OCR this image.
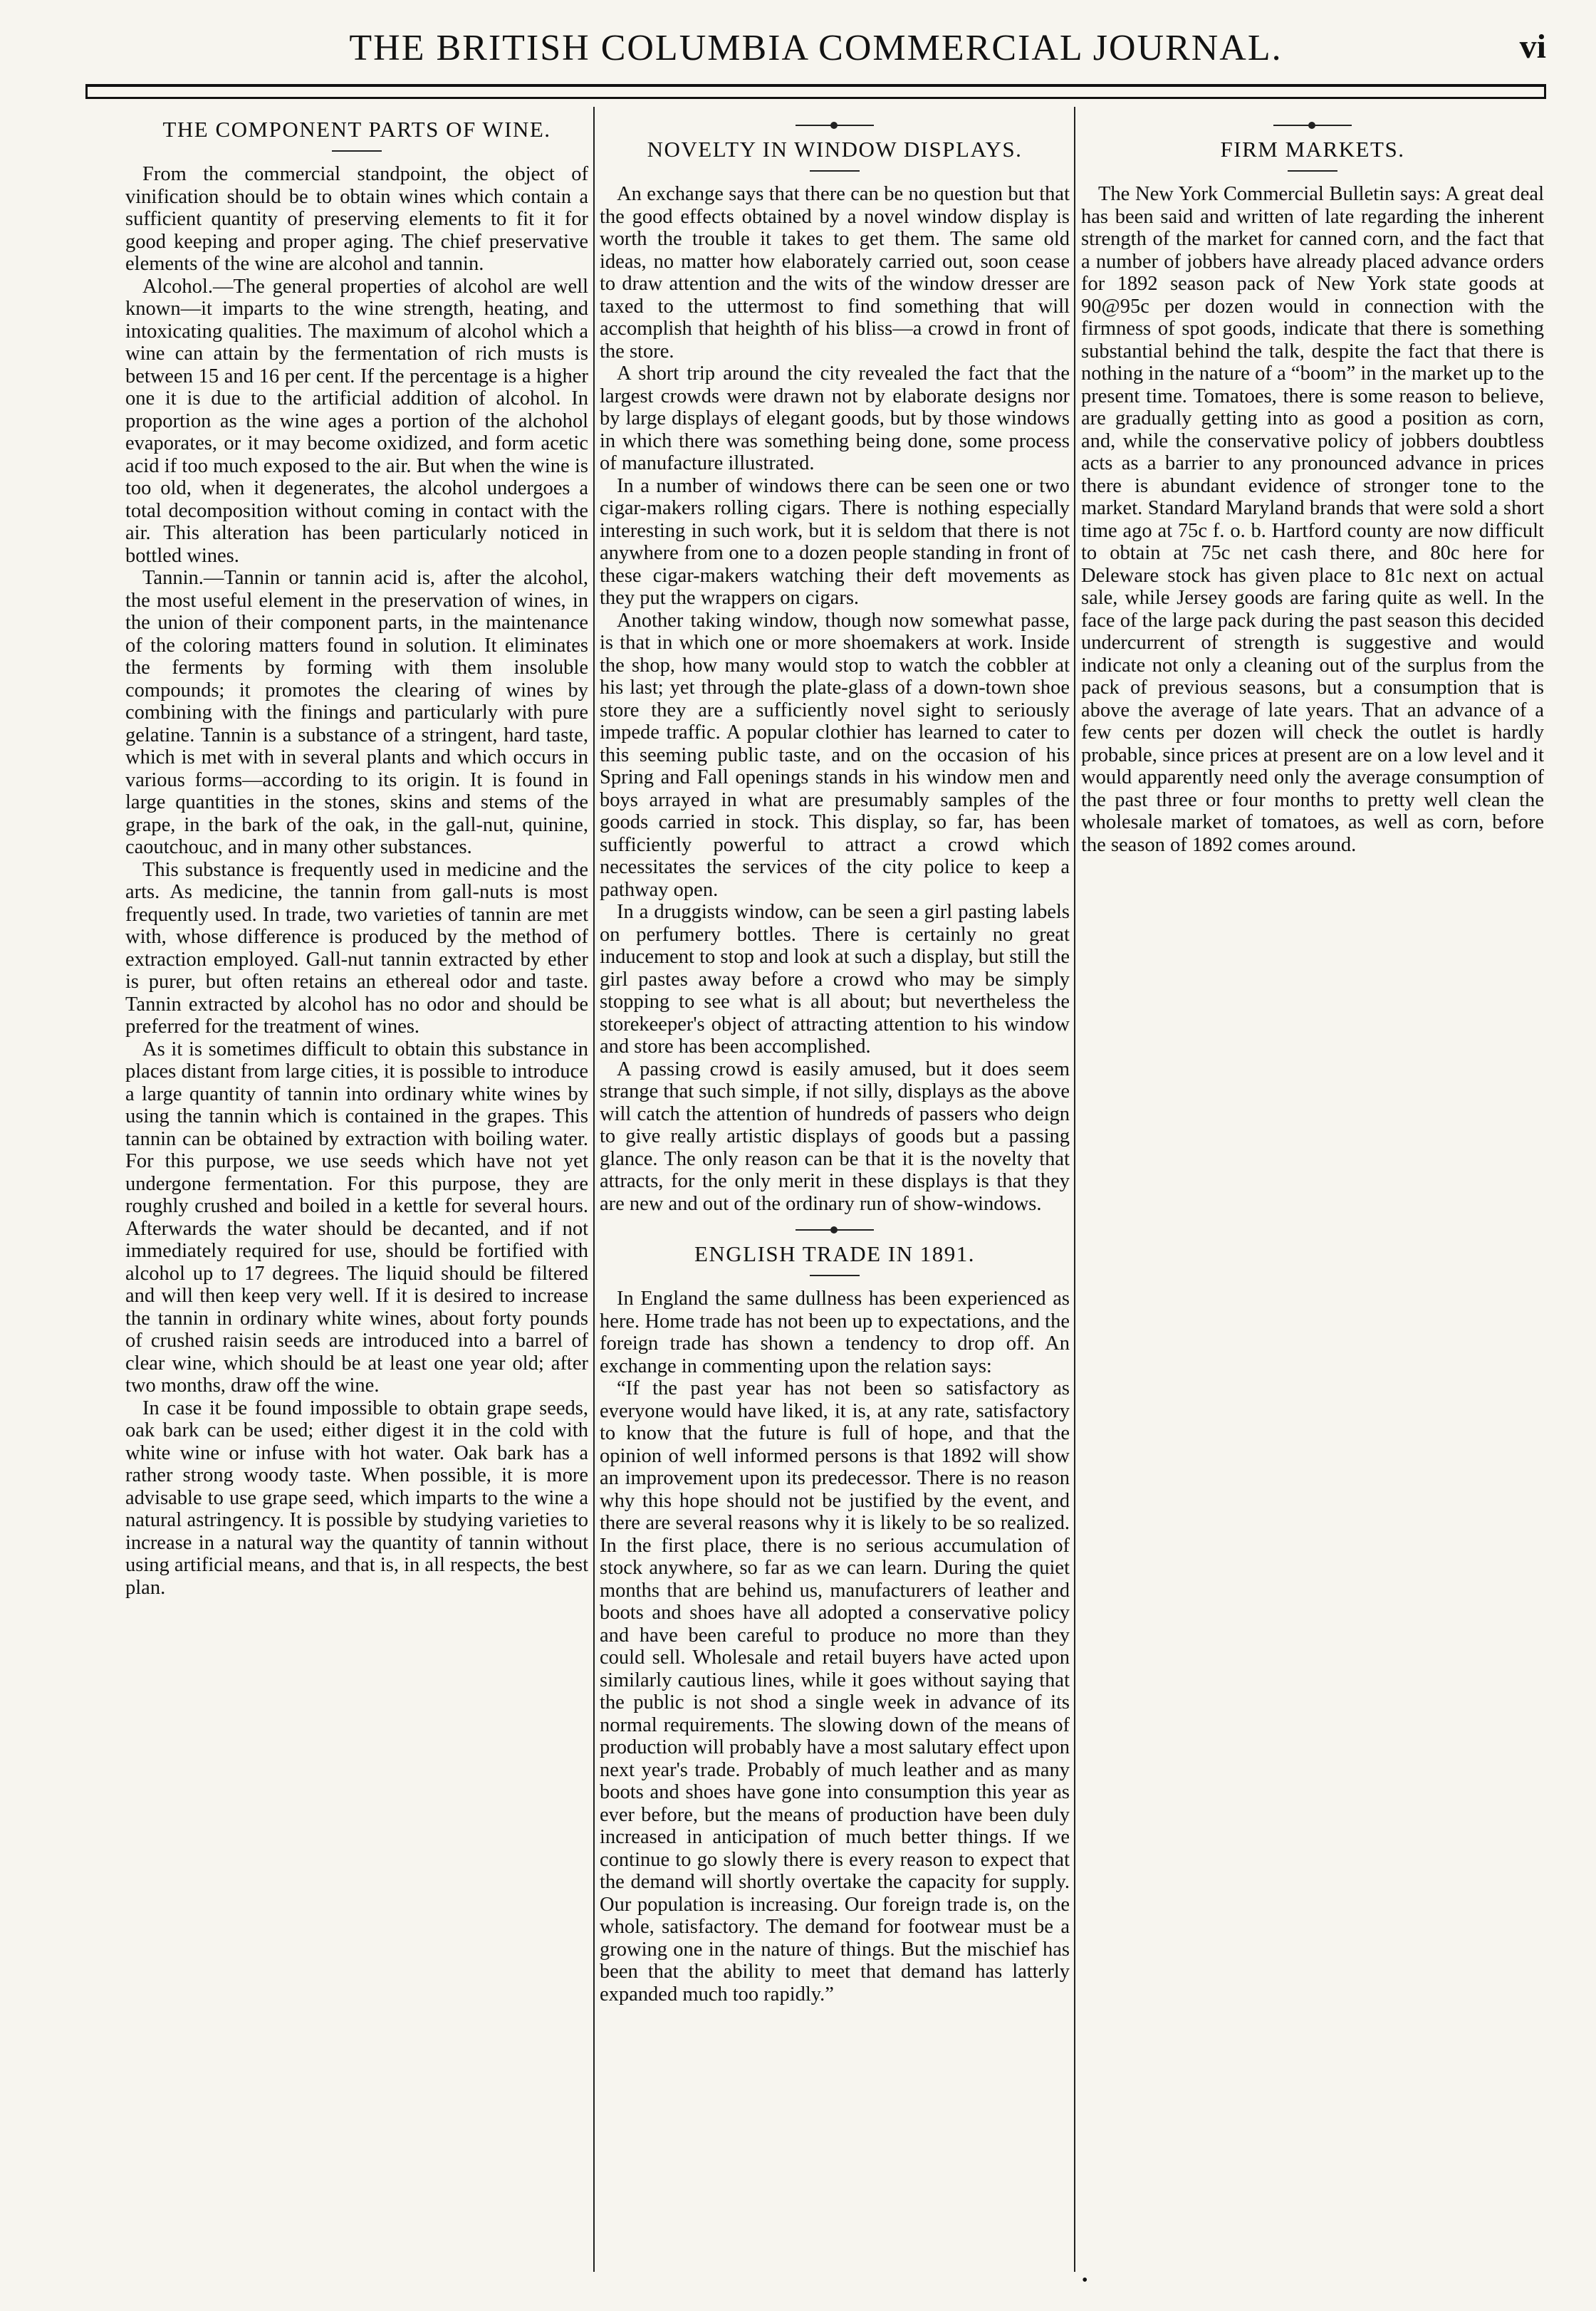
THE BRITISH COLUMBIA COMMERCIAL JOURNAL.	vi
THE COMPONENT PARTS OF WINE.

From the commercial standpoint, the object of vinification should be to obtain wines which contain a sufficient quantity of preserving elements to fit it for good keeping and proper aging. The chief preservative elements of the wine are alcohol and tannin.

Alcohol.—The general properties of alcohol are well known—it imparts to the wine strength, heating, and intoxicating qualities. The maximum of alcohol which a wine can attain by the fermentation of rich musts is between 15 and 16 per cent. If the percentage is a higher one it is due to the artificial addition of alcohol. In proportion as the wine ages a portion of the alchohol evaporates, or it may become oxidized, and form acetic acid if too much exposed to the air. But when the wine is too old, when it degenerates, the alcohol undergoes a total decomposition without coming in contact with the air. This alteration has been particularly noticed in bottled wines.

Tannin.—Tannin or tannin acid is, after the alcohol, the most useful element in the preservation of wines, in the union of their component parts, in the maintenance of the coloring matters found in solution. It eliminates the ferments by forming with them insoluble compounds; it promotes the clearing of wines by combining with the finings and particularly with pure gelatine. Tannin is a substance of a stringent, hard taste, which is met with in several plants and which occurs in various forms—according to its origin. It is found in large quantities in the stones, skins and stems of the grape, in the bark of the oak, in the gall-nut, quinine, caoutchouc, and in many other substances.

This substance is frequently used in medicine and the arts. As medicine, the tannin from gall-nuts is most frequently used. In trade, two varieties of tannin are met with, whose difference is produced by the method of extraction employed. Gall-nut tannin extracted by ether is purer, but often retains an ethereal odor and taste. Tannin extracted by alcohol has no odor and should be preferred for the treatment of wines.

As it is sometimes difficult to obtain this substance in places distant from large cities, it is possible to introduce a large quantity of tannin into ordinary white wines by using the tannin which is contained in the grapes. This tannin can be obtained by extraction with boiling water. For this purpose, we use seeds which have not yet undergone fermentation. For this purpose, they are roughly crushed and boiled in a kettle for several hours. Afterwards the water should be decanted, and if not immediately required for use, should be fortified with alcohol up to 17 degrees. The liquid should be filtered and will then keep very well. If it is desired to increase the tannin in ordinary white wines, about forty pounds of crushed raisin seeds are introduced into a barrel of clear wine, which should be at least one year old; after two months, draw off the wine.

In case it be found impossible to obtain grape seeds, oak bark can be used; either digest it in the cold with white wine or infuse with hot water. Oak bark has a rather strong woody taste. When possible, it is more advisable to use grape seed, which imparts to the wine a natural astringency. It is possible by studying varieties to increase in a natural way the quantity of tannin without using artificial means, and that is, in all respects, the best plan.

NOVELTY IN WINDOW DISPLAYS.

An exchange says that there can be no question but that the good effects obtained by a novel window display is worth the trouble it takes to get them. The same old ideas, no matter how elaborately carried out, soon cease to draw attention and the wits of the window dresser are taxed to the uttermost to find something that will accomplish that heighth of his bliss—a crowd in front of the store.

A short trip around the city revealed the fact that the largest crowds were drawn not by elaborate designs nor by large displays of elegant goods, but by those windows in which there was something being done, some process of manufacture illustrated.

In a number of windows there can be seen one or two cigar-makers rolling cigars. There is nothing especially interesting in such work, but it is seldom that there is not anywhere from one to a dozen people standing in front of these cigar-makers watching their deft movements as they put the wrappers on cigars.

Another taking window, though now somewhat passe, is that in which one or more shoemakers at work. Inside the shop, how many would stop to watch the cobbler at his last; yet through the plate-glass of a down-town shoe store they are a sufficiently novel sight to seriously impede traffic. A popular clothier has learned to cater to this seeming public taste, and on the occasion of his Spring and Fall openings stands in his window men and boys arrayed in what are presumably samples of the goods carried in stock. This display, so far, has been sufficiently powerful to attract a crowd which necessitates the services of the city police to keep a pathway open.

In a druggists window, can be seen a girl pasting labels on perfumery bottles. There is certainly no great inducement to stop and look at such a display, but still the girl pastes away before a crowd who may be simply stopping to see what is all about; but nevertheless the storekeeper's object of attracting attention to his window and store has been accomplished.

A passing crowd is easily amused, but it does seem strange that such simple, if not silly, displays as the above will catch the attention of hundreds of passers who deign to give really artistic displays of goods but a passing glance. The only reason can be that it is the novelty that attracts, for the only merit in these displays is that they are new and out of the ordinary run of show-windows.

ENGLISH TRADE IN 1891.

In England the same dullness has been experienced as here. Home trade has not been up to expectations, and the foreign trade has shown a tendency to drop off. An exchange in commenting upon the relation says:

“If the past year has not been so satisfactory as everyone would have liked, it is, at any rate, satisfactory to know that the future is full of hope, and that the opinion of well informed persons is that 1892 will show an improvement upon its predecessor. There is no reason why this hope should not be justified by the event, and there are several reasons why it is likely to be so realized. In the first place, there is no serious accumulation of stock anywhere, so far as we can learn. During the quiet months that are behind us, manufacturers of leather and boots and shoes have all adopted a conservative policy and have been careful to produce no more than they could sell. Wholesale and retail buyers have acted upon similarly cautious lines, while it goes without saying that the public is not shod a single week in advance of its normal requirements. The slowing down of the means of production will probably have a most salutary effect upon next year's trade. Probably of much leather and as many boots and shoes have gone into consumption this year as ever before, but the means of production have been duly increased in anticipation of much better things. If we continue to go slowly there is every reason to expect that the demand will shortly overtake the capacity for supply. Our population is increasing. Our foreign trade is, on the whole, satisfactory. The demand for footwear must be a growing one in the nature of things. But the mischief has been that the ability to meet that demand has latterly expanded much too rapidly.”

FIRM MARKETS.

The New York Commercial Bulletin says: A great deal has been said and written of late regarding the inherent strength of the market for canned corn, and the fact that a number of jobbers have already placed advance orders for 1892 season pack of New York state goods at 90@95c per dozen would in connection with the firmness of spot goods, indicate that there is something substantial behind the talk, despite the fact that there is nothing in the nature of a “boom” in the market up to the present time. Tomatoes, there is some reason to believe, are gradually getting into as good a position as corn, and, while the conservative policy of jobbers doubtless acts as a barrier to any pronounced advance in prices there is abundant evidence of stronger tone to the market. Standard Maryland brands that were sold a short time ago at 75c f. o. b. Hartford county are now difficult to obtain at 75c net cash there, and 80c here for Deleware stock has given place to 81c next on actual sale, while Jersey goods are faring quite as well. In the face of the large pack during the past season this decided undercurrent of strength is suggestive and would indicate not only a cleaning out of the surplus from the pack of previous seasons, but a consumption that is above the average of late years. That an advance of a few cents per dozen will check the outlet is hardly probable, since prices at present are on a low level and it would apparently need only the average consumption of the past three or four months to pretty well clean the wholesale market of tomatoes, as well as corn, before the season of 1892 comes around.

•
